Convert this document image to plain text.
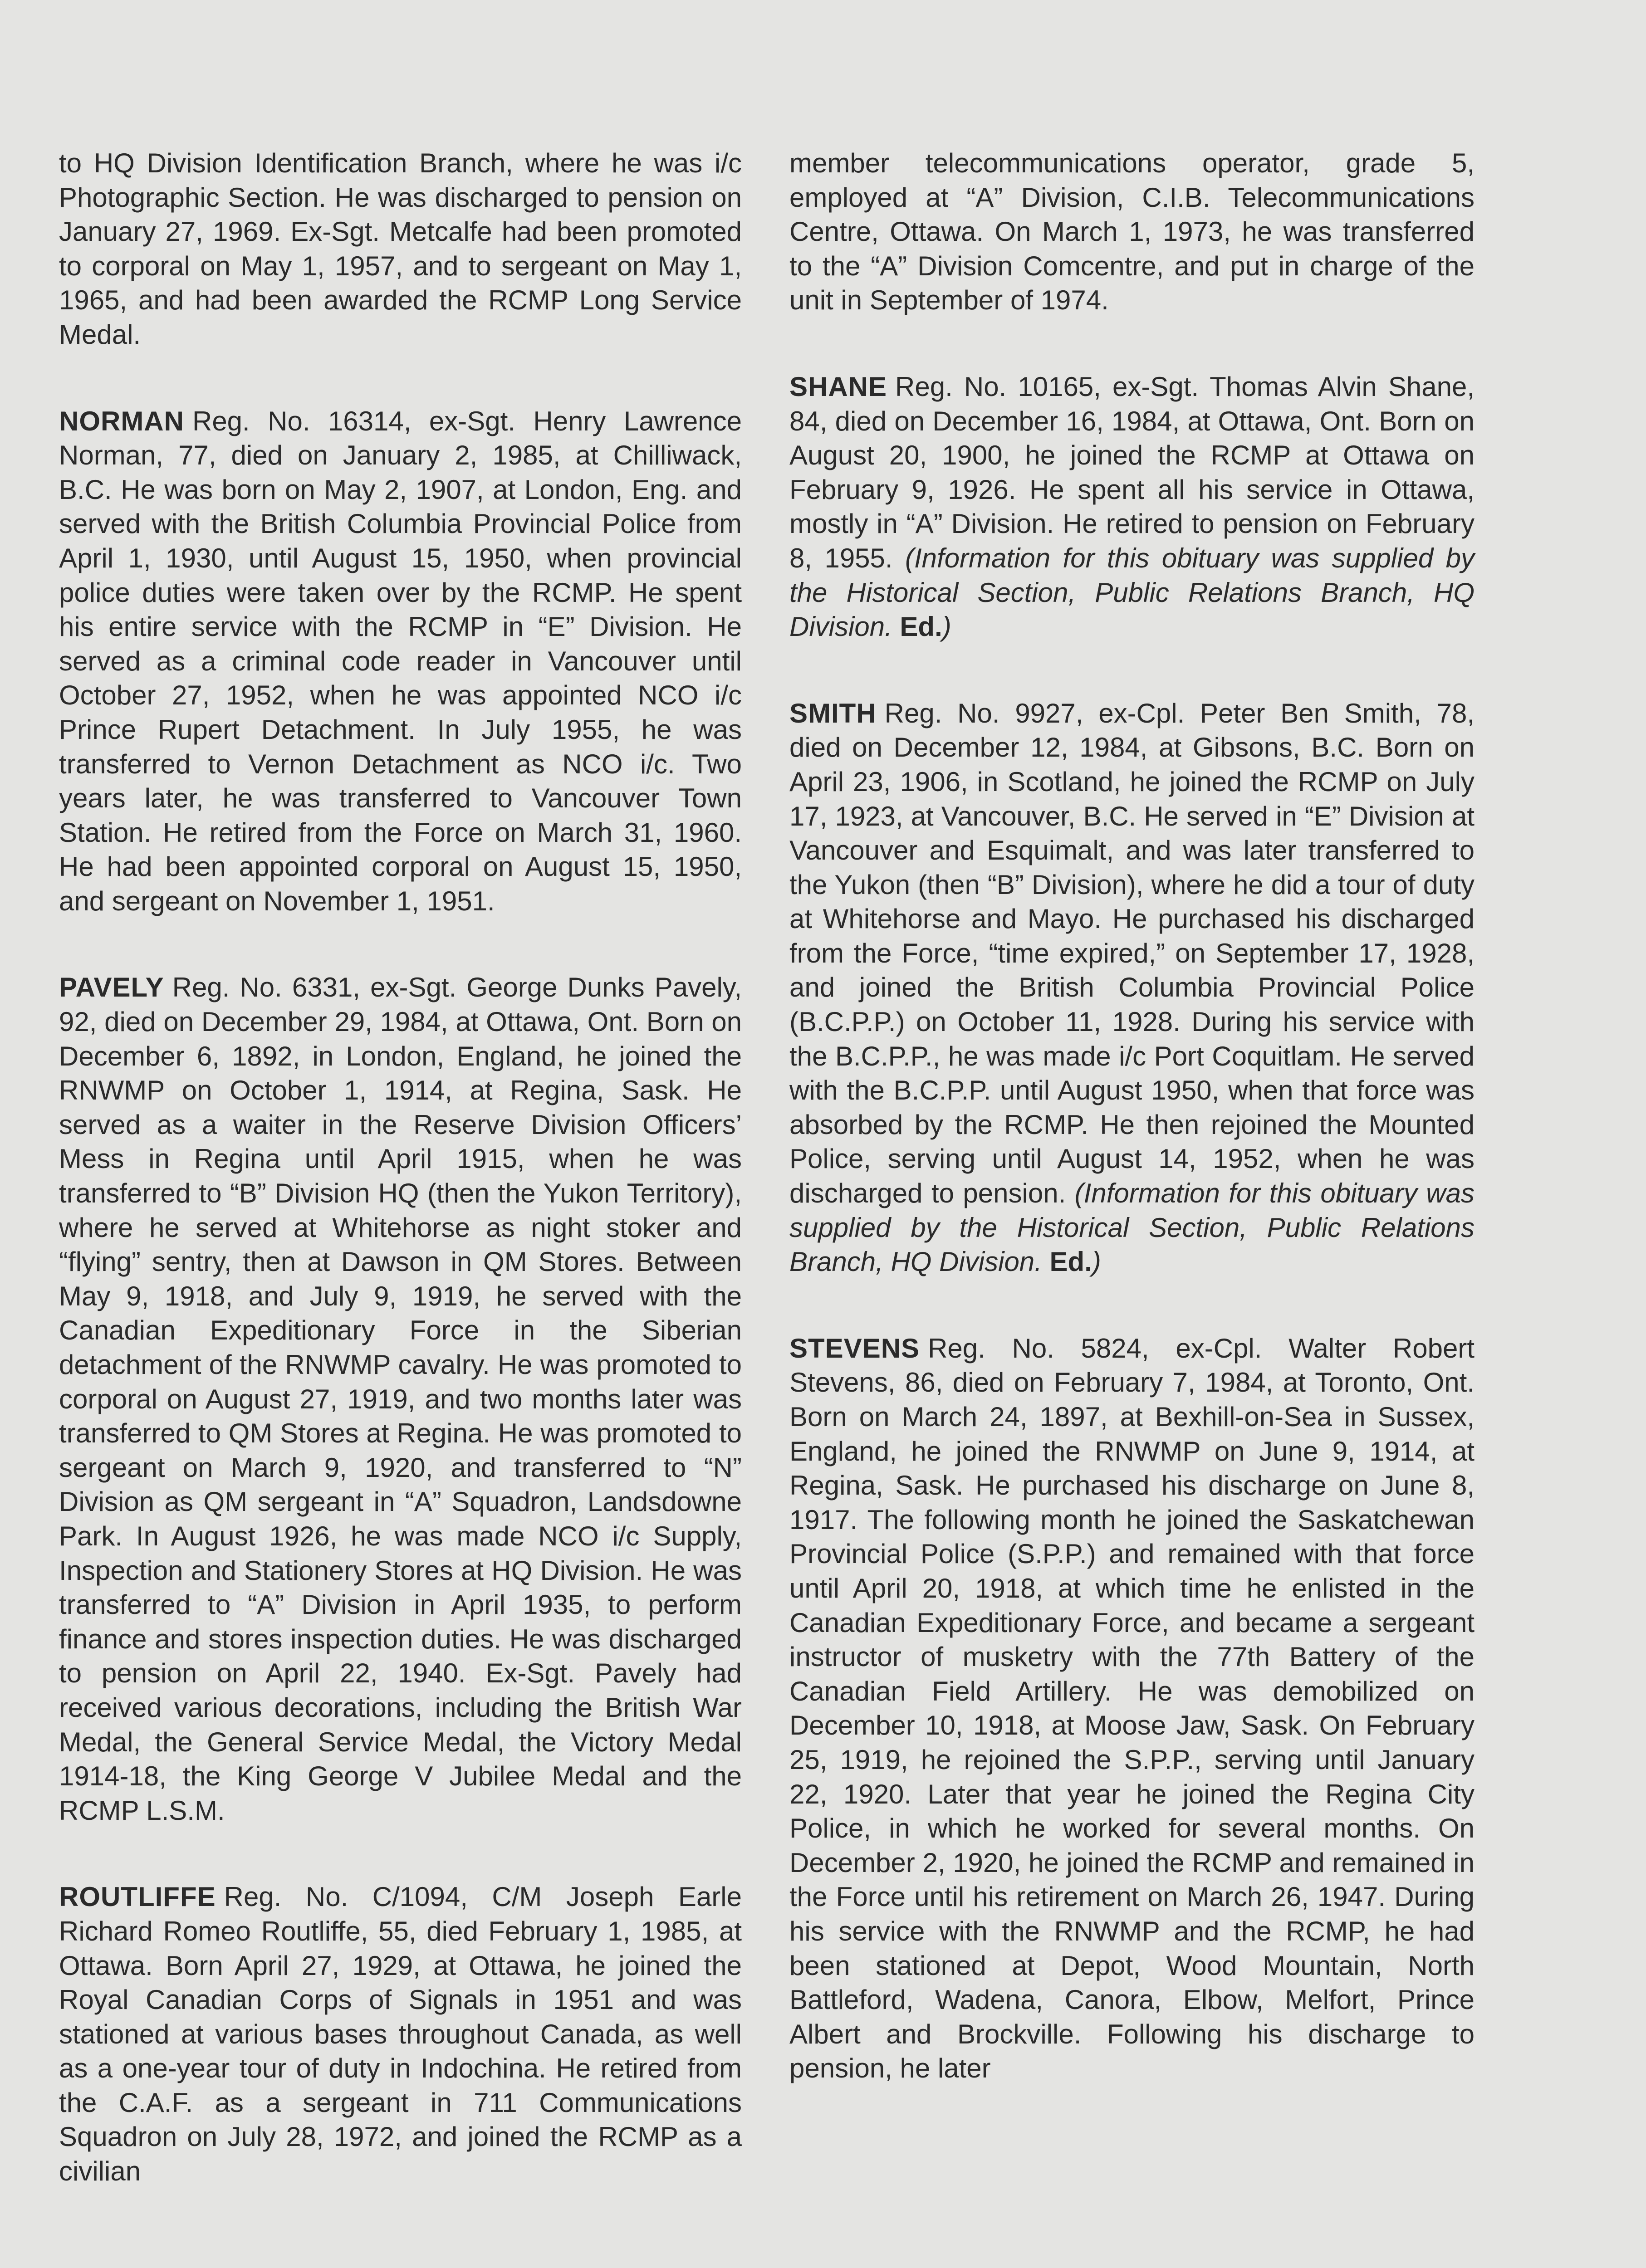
to HQ Division Identification Branch, where he was i/c Photographic Section. He was discharged to pension on January 27, 1969. Ex-Sgt. Metcalfe had been promoted to corporal on May 1, 1957, and to sergeant on May 1, 1965, and had been awarded the RCMP Long Service Medal.

NORMAN Reg. No. 16314, ex-Sgt. Henry Lawrence Norman, 77, died on January 2, 1985, at Chilliwack, B.C. He was born on May 2, 1907, at London, Eng. and served with the British Columbia Provincial Police from April 1, 1930, until August 15, 1950, when provincial police duties were taken over by the RCMP. He spent his entire service with the RCMP in “E” Division. He served as a criminal code reader in Vancouver until October 27, 1952, when he was appointed NCO i/c Prince Rupert Detachment. In July 1955, he was transferred to Vernon Detachment as NCO i/c. Two years later, he was transferred to Vancouver Town Station. He retired from the Force on March 31, 1960. He had been appointed corporal on August 15, 1950, and sergeant on November 1, 1951.

PAVELY Reg. No. 6331, ex-Sgt. George Dunks Pavely, 92, died on December 29, 1984, at Ottawa, Ont. Born on December 6, 1892, in London, England, he joined the RNWMP on October 1, 1914, at Regina, Sask. He served as a waiter in the Reserve Division Officers’ Mess in Regina until April 1915, when he was transferred to “B” Division HQ (then the Yukon Territory), where he served at Whitehorse as night stoker and “flying” sentry, then at Dawson in QM Stores. Between May 9, 1918, and July 9, 1919, he served with the Canadian Expeditionary Force in the Siberian detachment of the RNWMP cavalry. He was promoted to corporal on August 27, 1919, and two months later was transferred to QM Stores at Regina. He was promoted to sergeant on March 9, 1920, and transferred to “N” Division as QM sergeant in “A” Squadron, Landsdowne Park. In August 1926, he was made NCO i/c Supply, Inspection and Stationery Stores at HQ Division. He was transferred to “A” Division in April 1935, to perform finance and stores inspection duties. He was discharged to pension on April 22, 1940. Ex-Sgt. Pavely had received various decorations, including the British War Medal, the General Service Medal, the Victory Medal 1914-18, the King George V Jubilee Medal and the RCMP L.S.M.

ROUTLIFFE Reg. No. C/1094, C/M Joseph Earle Richard Romeo Routliffe, 55, died February 1, 1985, at Ottawa. Born April 27, 1929, at Ottawa, he joined the Royal Canadian Corps of Signals in 1951 and was stationed at various bases throughout Canada, as well as a one-year tour of duty in Indochina. He retired from the C.A.F. as a sergeant in 711 Communications Squadron on July 28, 1972, and joined the RCMP as a civilian

member telecommunications operator, grade 5, employed at “A” Division, C.I.B. Telecommunications Centre, Ottawa. On March 1, 1973, he was transferred to the “A” Division Comcentre, and put in charge of the unit in September of 1974.

SHANE Reg. No. 10165, ex-Sgt. Thomas Alvin Shane, 84, died on December 16, 1984, at Ottawa, Ont. Born on August 20, 1900, he joined the RCMP at Ottawa on February 9, 1926. He spent all his service in Ottawa, mostly in “A” Division. He retired to pension on February 8, 1955. (Information for this obituary was supplied by the Historical Section, Public Relations Branch, HQ Division. Ed.)

SMITH Reg. No. 9927, ex-Cpl. Peter Ben Smith, 78, died on December 12, 1984, at Gibsons, B.C. Born on April 23, 1906, in Scotland, he joined the RCMP on July 17, 1923, at Vancouver, B.C. He served in “E” Division at Vancouver and Esquimalt, and was later transferred to the Yukon (then “B” Division), where he did a tour of duty at Whitehorse and Mayo. He purchased his discharged from the Force, “time expired,” on September 17, 1928, and joined the British Columbia Provincial Police (B.C.P.P.) on October 11, 1928. During his service with the B.C.P.P., he was made i/c Port Coquitlam. He served with the B.C.P.P. until August 1950, when that force was absorbed by the RCMP. He then rejoined the Mounted Police, serving until August 14, 1952, when he was discharged to pension. (Information for this obituary was supplied by the Historical Section, Public Relations Branch, HQ Division. Ed.)

STEVENS Reg. No. 5824, ex-Cpl. Walter Robert Stevens, 86, died on February 7, 1984, at Toronto, Ont. Born on March 24, 1897, at Bexhill-on-Sea in Sussex, England, he joined the RNWMP on June 9, 1914, at Regina, Sask. He purchased his discharge on June 8, 1917. The following month he joined the Saskatchewan Provincial Police (S.P.P.) and remained with that force until April 20, 1918, at which time he enlisted in the Canadian Expeditionary Force, and became a sergeant instructor of musketry with the 77th Battery of the Canadian Field Artillery. He was demobilized on December 10, 1918, at Moose Jaw, Sask. On February 25, 1919, he rejoined the S.P.P., serving until January 22, 1920. Later that year he joined the Regina City Police, in which he worked for several months. On December 2, 1920, he joined the RCMP and remained in the Force until his retirement on March 26, 1947. During his service with the RNWMP and the RCMP, he had been stationed at Depot, Wood Mountain, North Battleford, Wadena, Canora, Elbow, Melfort, Prince Albert and Brockville. Following his discharge to pension, he later
